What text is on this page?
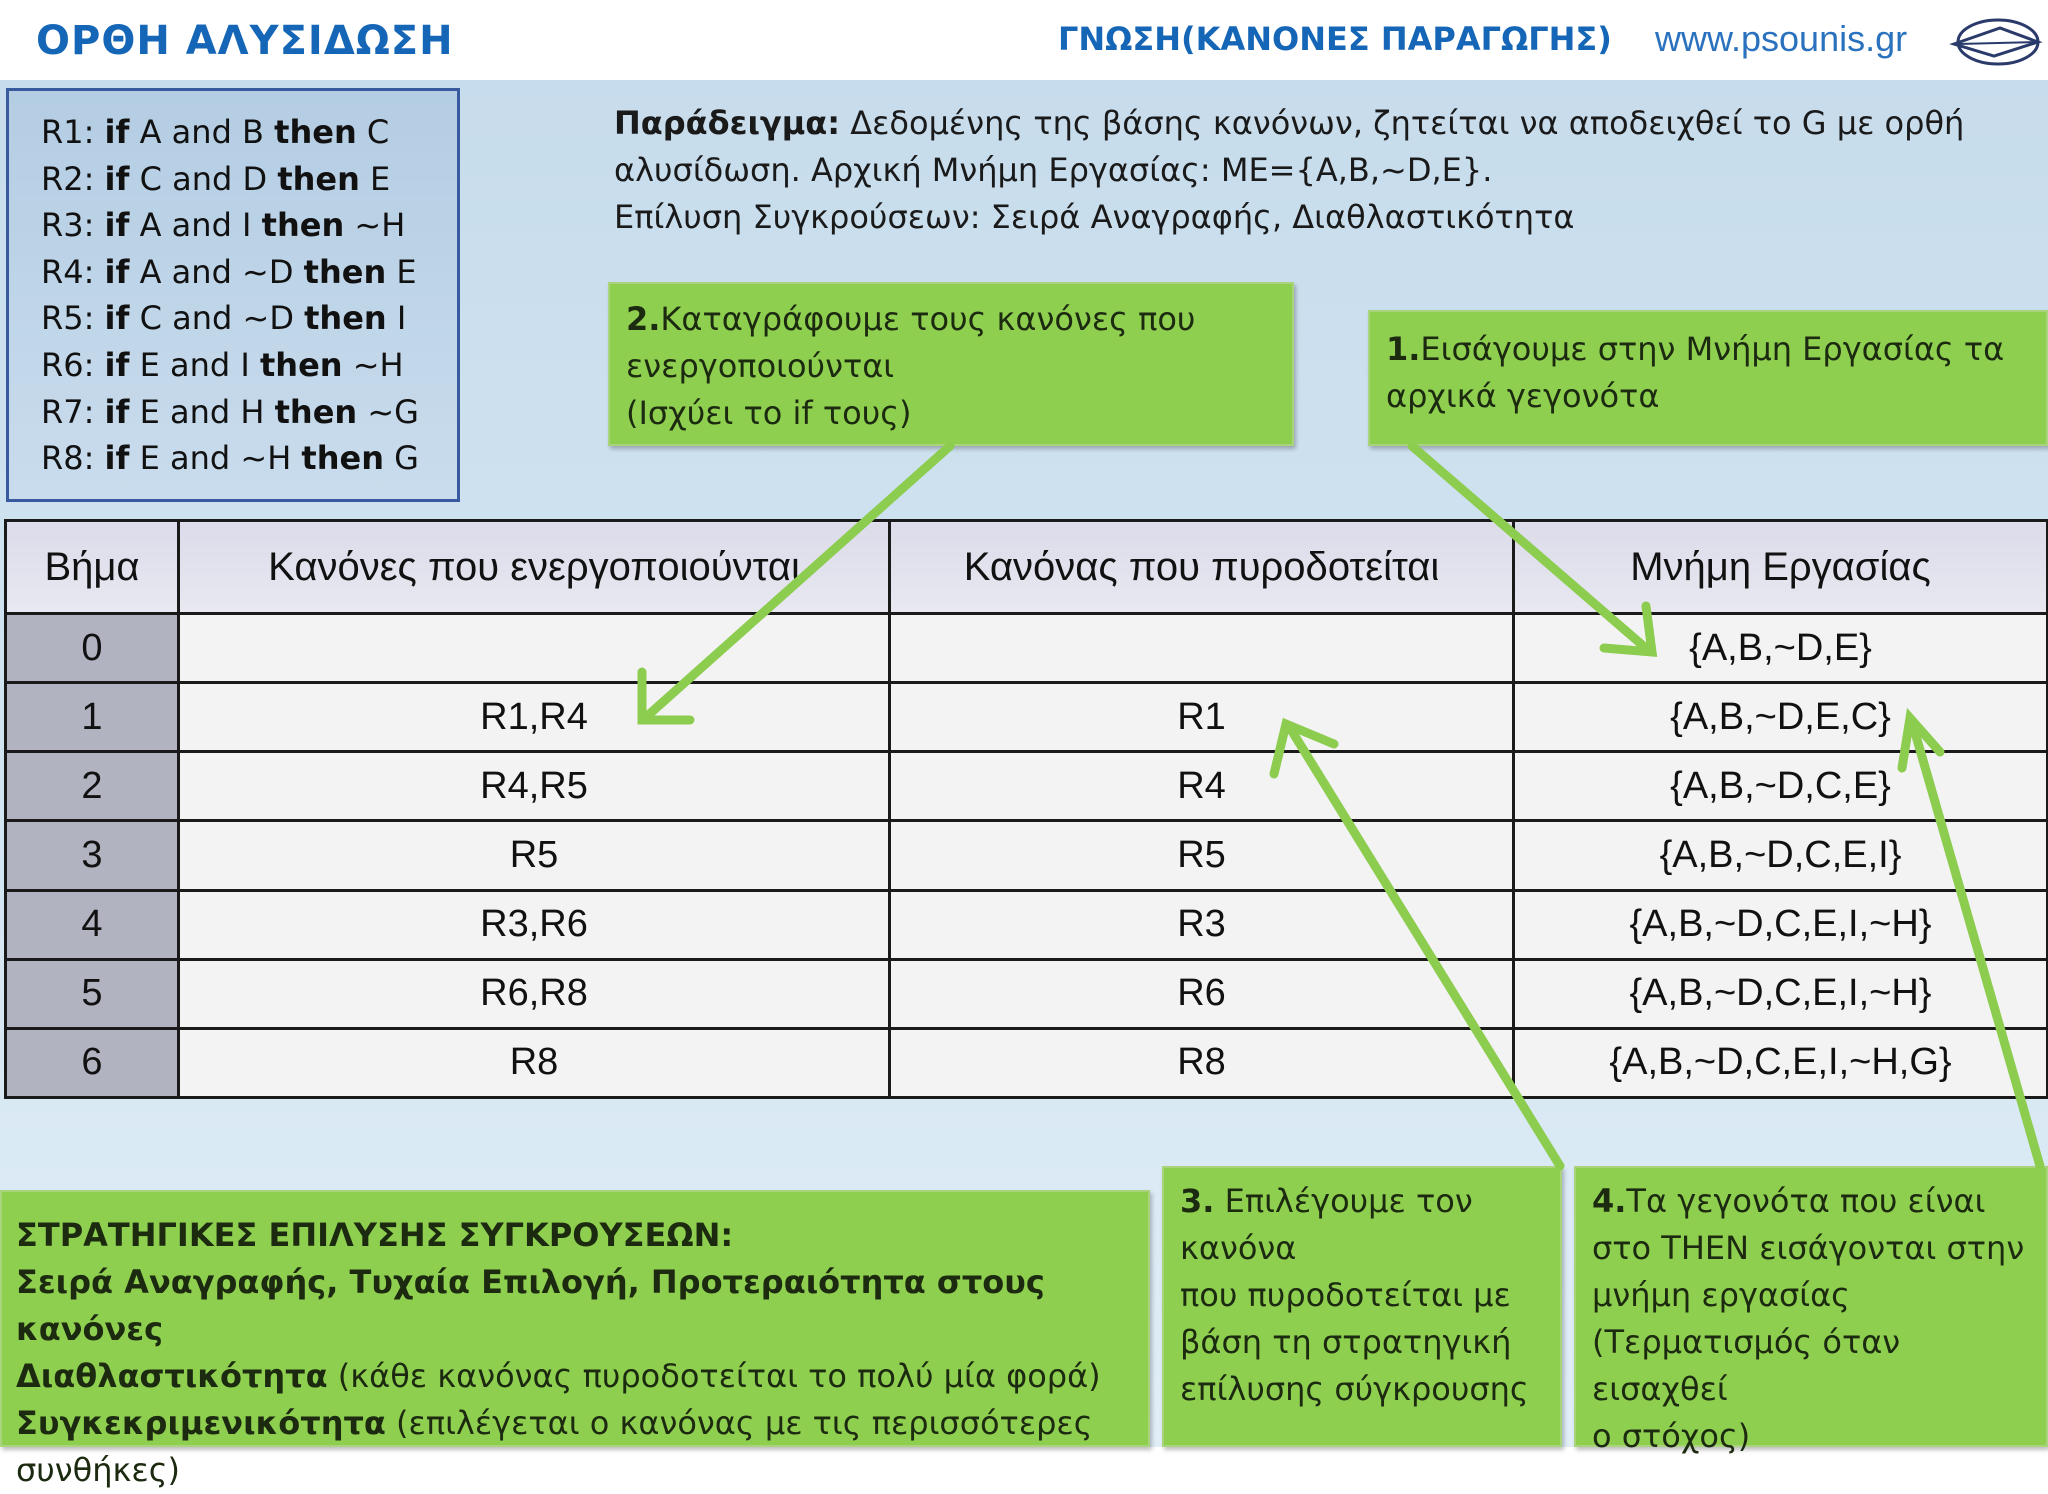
ΟΡΘΗ ΑΛΥΣΙΔΩΣΗ	ΓΝΩΣΗ(ΚΑΝΟΝΕΣ ΠΑΡΑΓΩΓΗΣ) www.psounis.gr
R1: if A and B then C
R2: if C and D then E
R3: if A and I then ~H
R4: if A and ~D then E
R5: if C and ~D then I
R6: if E and I then ~H
R7: if E and H then ~G
R8: if E and ~H then G
Παράδειγμα: Δεδομένης της βάσης κανόνων, ζητείται να αποδειχθεί το G με ορθή
αλυσίδωση. Αρχική Μνήμη Εργασίας: ΜΕ={A,B,~D,E}.
Επίλυση Συγκρούσεων: Σειρά Αναγραφής, Διαθλαστικότητα
2.Καταγράφουμε τους κανόνες που
ενεργοποιούνται
(Ισχύει το if τους)
1.Εισάγουμε στην Μνήμη Εργασίας τα
αρχικά γεγονότα
Βήμα	Κανόνες που ενεργοποιούνται	Κανόνας που πυροδοτείται	Μνήμη Εργασίας
0			{A,B,~D,E}
1	R1,R4	R1	{A,B,~D,E,C}
2	R4,R5	R4	{A,B,~D,C,E}
3	R5	R5	{A,B,~D,C,E,I}
4	R3,R6	R3	{A,B,~D,C,E,I,~H}
5	R6,R8	R6	{A,B,~D,C,E,I,~H}
6	R8	R8	{A,B,~D,C,E,I,~H,G}
ΣΤΡΑΤΗΓΙΚΕΣ ΕΠΙΛΥΣΗΣ ΣΥΓΚΡΟΥΣΕΩΝ:
Σειρά Αναγραφής, Τυχαία Επιλογή, Προτεραιότητα στους κανόνες
Διαθλαστικότητα (κάθε κανόνας πυροδοτείται το πολύ μία φορά)
Συγκεκριμενικότητα (επιλέγεται ο κανόνας με τις περισσότερες
συνθήκες)
3. Επιλέγουμε τον
κανόνα
που πυροδοτείται με
βάση τη στρατηγική
επίλυσης σύγκρουσης
4.Τα γεγονότα που είναι
στο THEN εισάγονται στην
μνήμη εργασίας
(Τερματισμός όταν εισαχθεί
ο στόχος)
